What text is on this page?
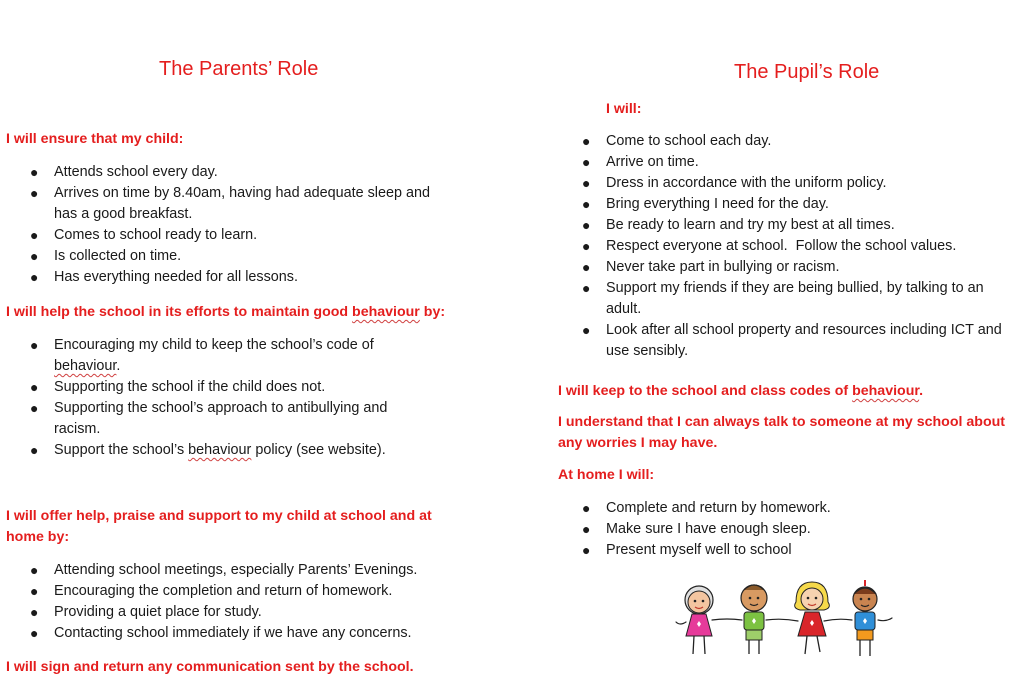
The Parents’ Role

I will ensure that my child:

● Attends school every day.
● Arrives on time by 8.40am, having had adequate sleep and has a good breakfast.
● Comes to school ready to learn.
● Is collected on time.
● Has everything needed for all lessons.

I will help the school in its efforts to maintain good behaviour by:

● Encouraging my child to keep the school’s code of behaviour.
● Supporting the school if the child does not.
● Supporting the school’s approach to antibullying and racism.
● Support the school’s behaviour policy (see website).

I will offer help, praise and support to my child at school and at home by:

● Attending school meetings, especially Parents’ Evenings.
● Encouraging the completion and return of homework.
● Providing a quiet place for study.
● Contacting school immediately if we have any concerns.

I will sign and return any communication sent by the school.

The Pupil’s Role

I will:

● Come to school each day.
● Arrive on time.
● Dress in accordance with the uniform policy.
● Bring everything I need for the day.
● Be ready to learn and try my best at all times.
● Respect everyone at school.  Follow the school values.
● Never take part in bullying or racism.
● Support my friends if they are being bullied, by talking to an adult.
● Look after all school property and resources including ICT and use sensibly.

I will keep to the school and class codes of behaviour.

I understand that I can always talk to someone at my school about any worries I may have.

At home I will:

● Complete and return by homework.
● Make sure I have enough sleep.
● Present myself well to school
